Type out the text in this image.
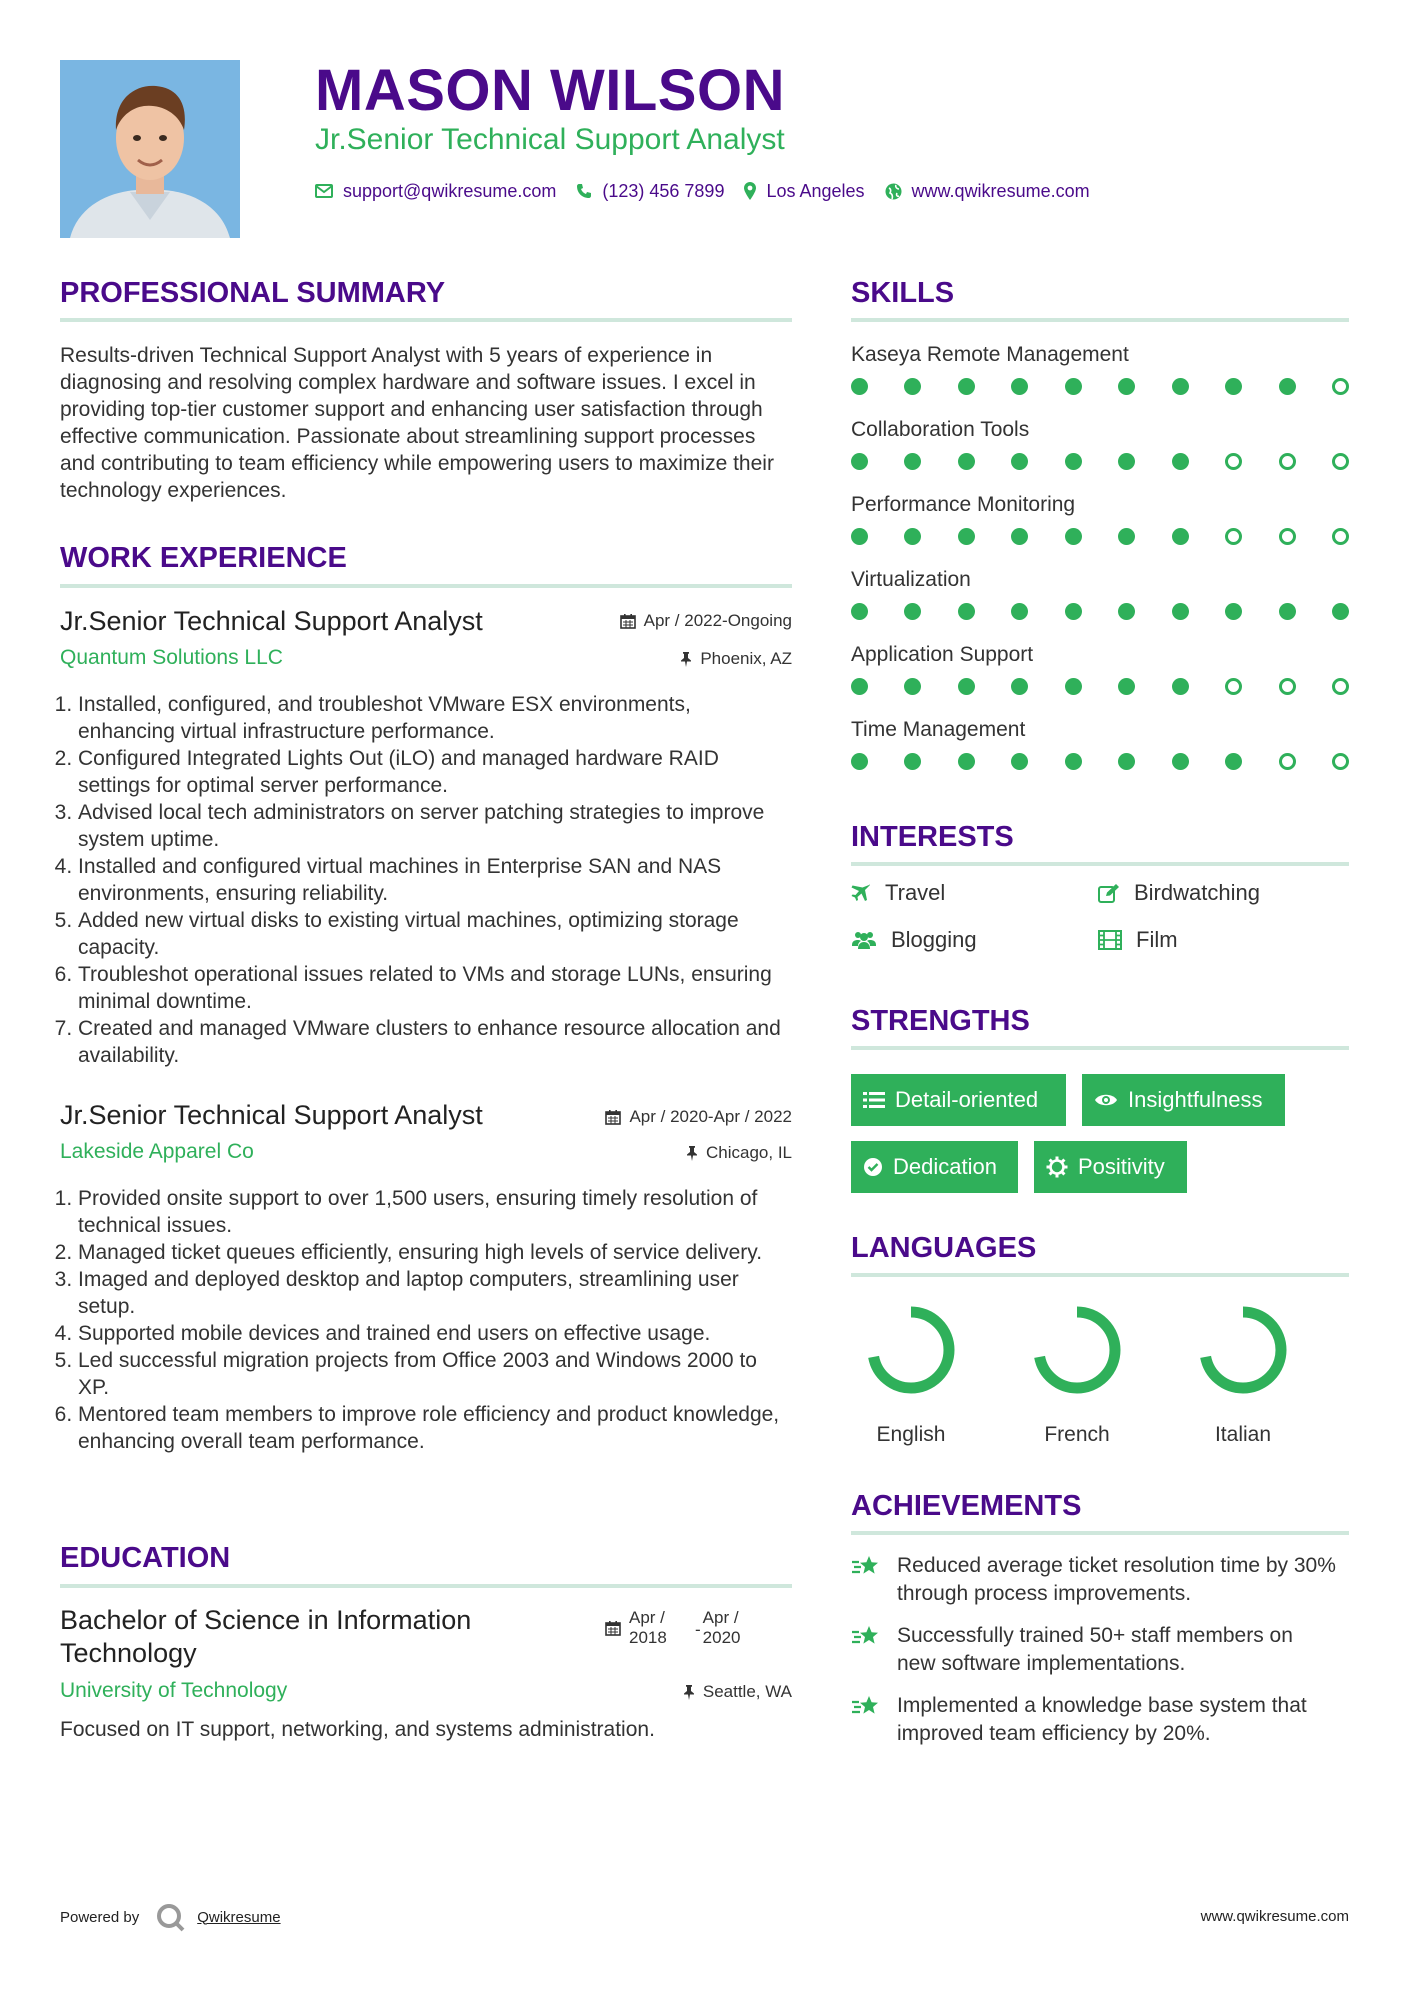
MASON WILSON
Jr.Senior Technical Support Analyst
support@qwikresume.com	(123) 456 7899 Los Angeles	www.qwikresume.com
PROFESSIONAL SUMMARY
Results-driven Technical Support Analyst with 5 years of experience in diagnosing and resolving complex hardware and software issues. I excel in providing top-tier customer support and enhancing user satisfaction through effective communication. Passionate about streamlining support processes and contributing to team efficiency while empowering users to maximize their technology experiences.
WORK EXPERIENCE
Jr.Senior Technical Support Analyst	Apr / 2022-Ongoing
Quantum Solutions LLC	Phoenix, AZ
1. Installed, configured, and troubleshot VMware ESX environments, enhancing virtual infrastructure performance.
2. Configured Integrated Lights Out (iLO) and managed hardware RAID settings for optimal server performance.
3. Advised local tech administrators on server patching strategies to improve system uptime.
4. Installed and configured virtual machines in Enterprise SAN and NAS environments, ensuring reliability.
5. Added new virtual disks to existing virtual machines, optimizing storage capacity.
6. Troubleshot operational issues related to VMs and storage LUNs, ensuring minimal downtime.
7. Created and managed VMware clusters to enhance resource allocation and availability.
Jr.Senior Technical Support Analyst	Apr / 2020-Apr / 2022
Lakeside Apparel Co	Chicago, IL
1. Provided onsite support to over 1,500 users, ensuring timely resolution of technical issues.
2. Managed ticket queues efficiently, ensuring high levels of service delivery.
3. Imaged and deployed desktop and laptop computers, streamlining user setup.
4. Supported mobile devices and trained end users on effective usage.
5. Led successful migration projects from Office 2003 and Windows 2000 to XP.
6. Mentored team members to improve role efficiency and product knowledge, enhancing overall team performance.
EDUCATION
Bachelor of Science in Information Technology
Apr /
2018	-
Apr /
2020
University of Technology	Seattle, WA
Focused on IT support, networking, and systems administration.
SKILLS
Kaseya Remote Management
Collaboration Tools
Performance Monitoring
Virtualization
Application Support
Time Management
INTERESTS
Travel	Birdwatching
Blogging	Film
STRENGTHS
Detail-oriented	Insightfulness
Dedication	Positivity
LANGUAGES
English	French	Italian
ACHIEVEMENTS
Reduced average ticket resolution time by 30% through process improvements.
Successfully trained 50+ staff members on new software implementations.
Implemented a knowledge base system that improved team efficiency by 20%.
Powered by	Qwikresume	www.qwikresume.com
